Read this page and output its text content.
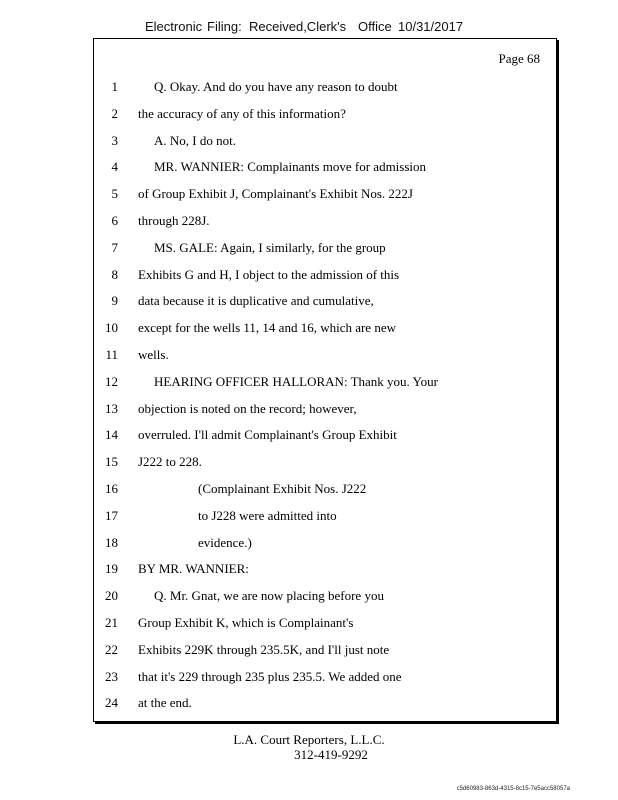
Electronic Filing: Received,Clerk's Office 10/31/2017
Page 68
1	Q. Okay. And do you have any reason to doubt
2 the accuracy of any of this information?
3	A. No, I do not.
4	MR. WANNIER: Complainants move for admission
5 of Group Exhibit J, Complainant's Exhibit Nos. 222J
6 through 228J.
7	MS. GALE: Again, I similarly, for the group
8 Exhibits G and H, I object to the admission of this
9 data because it is duplicative and cumulative,
10 except for the wells 11, 14 and 16, which are new
11 wells.
12	HEARING OFFICER HALLORAN: Thank you. Your
13 objection is noted on the record; however,
14 overruled. I'll admit Complainant's Group Exhibit
15 J222 to 228.
16	(Complainant Exhibit Nos. J222
17	to J228 were admitted into
18	evidence.)
19 BY MR. WANNIER:
20	Q. Mr. Gnat, we are now placing before you
21 Group Exhibit K, which is Complainant's
22 Exhibits 229K through 235.5K, and I'll just note
23 that it's 229 through 235 plus 235.5. We added one
24 at the end.
L.A. Court Reporters, L.L.C.
312-419-9292
c5d60983-863d-4315-8c15-7e5acc58057a
